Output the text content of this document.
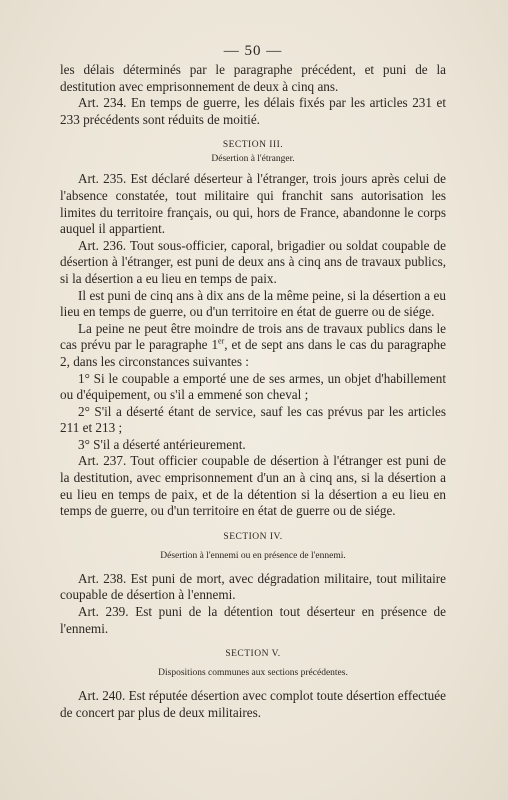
— 50 —

les délais déterminés par le paragraphe précédent, et puni de la destitution avec emprisonnement de deux à cinq ans.

Art. 234. En temps de guerre, les délais fixés par les articles 231 et 233 précédents sont réduits de moitié.

SECTION III.
Désertion à l'étranger.

Art. 235. Est déclaré déserteur à l'étranger, trois jours après celui de l'absence constatée, tout militaire qui franchit sans autorisation les limites du territoire français, ou qui, hors de France, abandonne le corps auquel il appartient.

Art. 236. Tout sous-officier, caporal, brigadier ou soldat coupable de désertion à l'étranger, est puni de deux ans à cinq ans de travaux publics, si la désertion a eu lieu en temps de paix.

Il est puni de cinq ans à dix ans de la même peine, si la désertion a eu lieu en temps de guerre, ou d'un territoire en état de guerre ou de siége.

La peine ne peut être moindre de trois ans de travaux publics dans le cas prévu par le paragraphe 1er, et de sept ans dans le cas du paragraphe 2, dans les circonstances suivantes :

1° Si le coupable a emporté une de ses armes, un objet d'habillement ou d'équipement, ou s'il a emmené son cheval ;

2° S'il a déserté étant de service, sauf les cas prévus par les articles 211 et 213 ;

3° S'il a déserté antérieurement.

Art. 237. Tout officier coupable de désertion à l'étranger est puni de la destitution, avec emprisonnement d'un an à cinq ans, si la désertion a eu lieu en temps de paix, et de la détention si la désertion a eu lieu en temps de guerre, ou d'un territoire en état de guerre ou de siége.

SECTION IV.
Désertion à l'ennemi ou en présence de l'ennemi.

Art. 238. Est puni de mort, avec dégradation militaire, tout militaire coupable de désertion à l'ennemi.

Art. 239. Est puni de la détention tout déserteur en présence de l'ennemi.

SECTION V.
Dispositions communes aux sections précédentes.

Art. 240. Est réputée désertion avec complot toute désertion effectuée de concert par plus de deux militaires.
